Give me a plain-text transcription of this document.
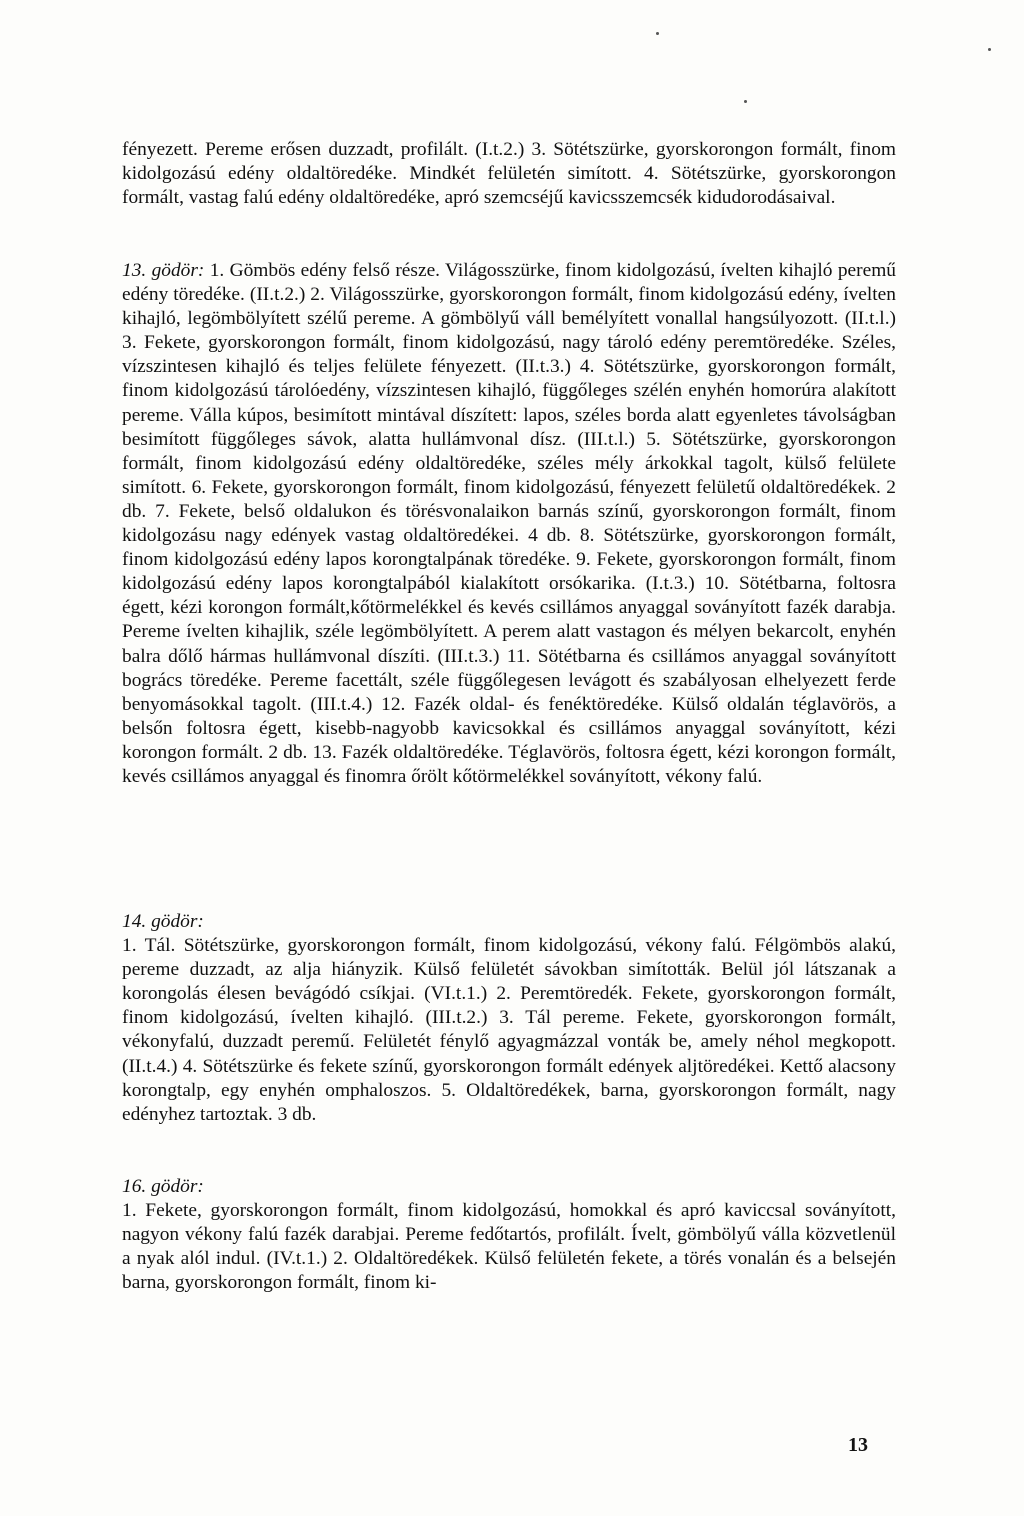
fényezett. Pereme erősen duzzadt, profilált. (I.t.2.) 3. Sötétszürke, gyorskorongon formált, finom kidolgozású edény oldaltöredéke. Mindkét felületén simított. 4. Sötétszürke, gyorskorongon formált, vastag falú edény oldaltöredéke, apró szemcséjű kavicsszemcsék kidudorodásaival.

13. gödör: 1. Gömbös edény felső része. Világosszürke, finom kidolgozású, ívelten kihajló peremű edény töredéke. (II.t.2.) 2. Világosszürke, gyorskorongon formált, finom kidolgozású edény, ívelten kihajló, legömbölyített szélű pereme. A gömbölyű váll bemélyített vonallal hangsúlyozott. (II.t.l.) 3. Fekete, gyorskorongon formált, finom kidolgozású, nagy tároló edény peremtöredéke. Széles, vízszintesen kihajló és teljes felülete fényezett. (II.t.3.) 4. Sötétszürke, gyorskorongon formált, finom kidolgozású tárolóedény, vízszintesen kihajló, függőleges szélén enyhén homorúra alakított pereme. Válla kúpos, besimított mintával díszített: lapos, széles borda alatt egyenletes távolságban besimított függőleges sávok, alatta hullámvonal dísz. (III.t.l.) 5. Sötétszürke, gyorskorongon formált, finom kidolgozású edény oldaltöredéke, széles mély árkokkal tagolt, külső felülete simított. 6. Fekete, gyorskorongon formált, finom kidolgozású, fényezett felületű oldaltöredékek. 2 db. 7. Fekete, belső oldalukon és törésvonalaikon barnás színű, gyorskorongon formált, finom kidolgozásu nagy edények vastag oldaltöredékei. 4 db. 8. Sötétszürke, gyorskorongon formált, finom kidolgozású edény lapos korongtalpának töredéke. 9. Fekete, gyorskorongon formált, finom kidolgozású edény lapos korongtalpából kialakított orsókarika. (I.t.3.) 10. Sötétbarna, foltosra égett, kézi korongon formált,kőtörmelékkel és kevés csillámos anyaggal soványított fazék darabja. Pereme ívelten kihajlik, széle legömbölyített. A perem alatt vastagon és mélyen bekarcolt, enyhén balra dőlő hármas hullámvonal díszíti. (III.t.3.) 11. Sötétbarna és csillámos anyaggal soványított bogrács töredéke. Pereme facettált, széle függőlegesen levágott és szabályosan elhelyezett ferde benyomásokkal tagolt. (III.t.4.) 12. Fazék oldal- és fenéktöredéke. Külső oldalán téglavörös, a belsőn foltosra égett, kisebb-nagyobb kavicsokkal és csillámos anyaggal soványított, kézi korongon formált. 2 db. 13. Fazék oldaltöredéke. Téglavörös, foltosra égett, kézi korongon formált, kevés csillámos anyaggal és finomra őrölt kőtörmelékkel soványított, vékony falú.

14. gödör:

1. Tál. Sötétszürke, gyorskorongon formált, finom kidolgozású, vékony falú. Félgömbös alakú, pereme duzzadt, az alja hiányzik. Külső felületét sávokban simították. Belül jól látszanak a korongolás élesen bevágódó csíkjai. (VI.t.1.) 2. Peremtöredék. Fekete, gyorskorongon formált, finom kidolgozású, ívelten kihajló. (III.t.2.) 3. Tál pereme. Fekete, gyorskorongon formált, vékonyfalú, duzzadt peremű. Felületét fénylő agyagmázzal vonták be, amely néhol megkopott. (II.t.4.) 4. Sötétszürke és fekete színű, gyorskorongon formált edények aljtöredékei. Kettő alacsony korongtalp, egy enyhén omphaloszos. 5. Oldaltöredékek, barna, gyorskorongon formált, nagy edényhez tartoztak. 3 db.

16. gödör:

1. Fekete, gyorskorongon formált, finom kidolgozású, homokkal és apró kaviccsal soványított, nagyon vékony falú fazék darabjai. Pereme fedőtartós, profilált. Ívelt, gömbölyű válla közvetlenül a nyak alól indul. (IV.t.1.) 2. Oldaltöredékek. Külső felületén fekete, a törés vonalán és a belsején barna, gyorskorongon formált, finom ki-

13
